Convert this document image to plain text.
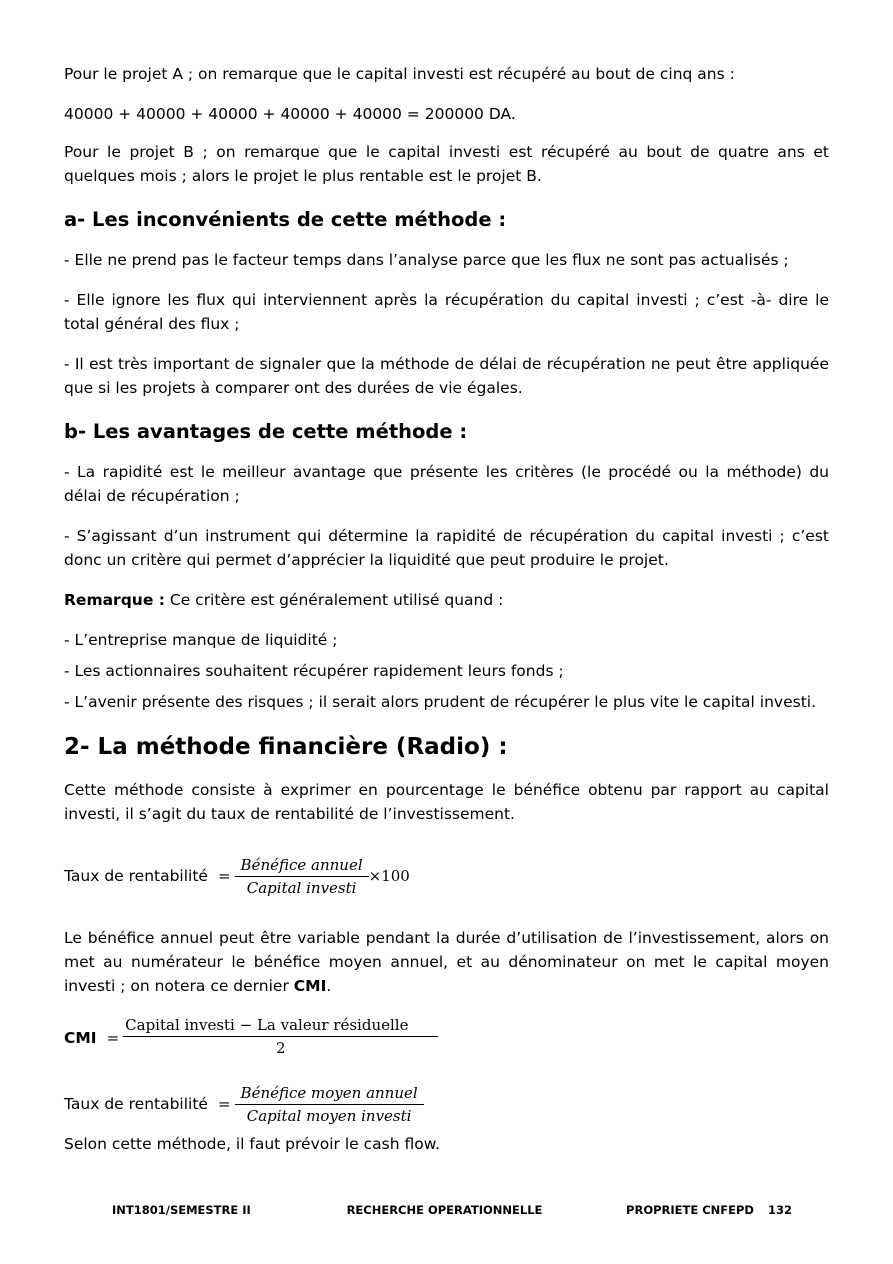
Pour le projet A ; on remarque que le capital investi est récupéré au bout de cinq ans :

40000 + 40000 + 40000 + 40000 + 40000 = 200000 DA.

Pour le projet B ; on remarque que le capital investi est récupéré au bout de quatre ans et quelques mois ; alors le projet le plus rentable est le projet B.

a- Les inconvénients de cette méthode :

- Elle ne prend pas le facteur temps dans l’analyse parce que les flux ne sont pas actualisés ;

- Elle ignore les flux qui interviennent après la récupération du capital investi ; c’est -à- dire le total général des flux ;

- Il est très important de signaler que la méthode de délai de récupération ne peut être appliquée que si les projets à comparer ont des durées de vie égales.

b- Les avantages de cette méthode :

- La rapidité est le meilleur avantage que présente les critères (le procédé ou la méthode) du délai de récupération ;

- S’agissant d’un instrument qui détermine la rapidité de récupération du capital investi ; c’est donc un critère qui permet d’apprécier la liquidité que peut produire le projet.

Remarque : Ce critère est généralement utilisé quand :

- L’entreprise manque de liquidité ;

- Les actionnaires souhaitent récupérer rapidement leurs fonds ;

- L’avenir présente des risques ; il serait alors prudent de récupérer le plus vite le capital investi.

2- La méthode financière (Radio) :

Cette méthode consiste à exprimer en pourcentage le bénéfice obtenu par rapport au capital investi, il s’agit du taux de rentabilité de l’investissement.

Taux de rentabilité = $\frac{\text{Bénéfice annuel}}{\text{Capital investi}} \times 100$

Le bénéfice annuel peut être variable pendant la durée d’utilisation de l’investissement, alors on met au numérateur le bénéfice moyen annuel, et au dénominateur on met le capital moyen investi ; on notera ce dernier CMI.

CMI = $\frac{\text{Capital investi − La valeur résiduelle}}{2}$
Taux de rentabilité = $\frac{\text{Bénéfice moyen annuel}}{\text{Capital moyen investi}}$

Selon cette méthode, il faut prévoir le cash flow.

INT1801/SEMESTRE II	RECHERCHE OPERATIONNELLE	PROPRIETE CNFEPD 132
